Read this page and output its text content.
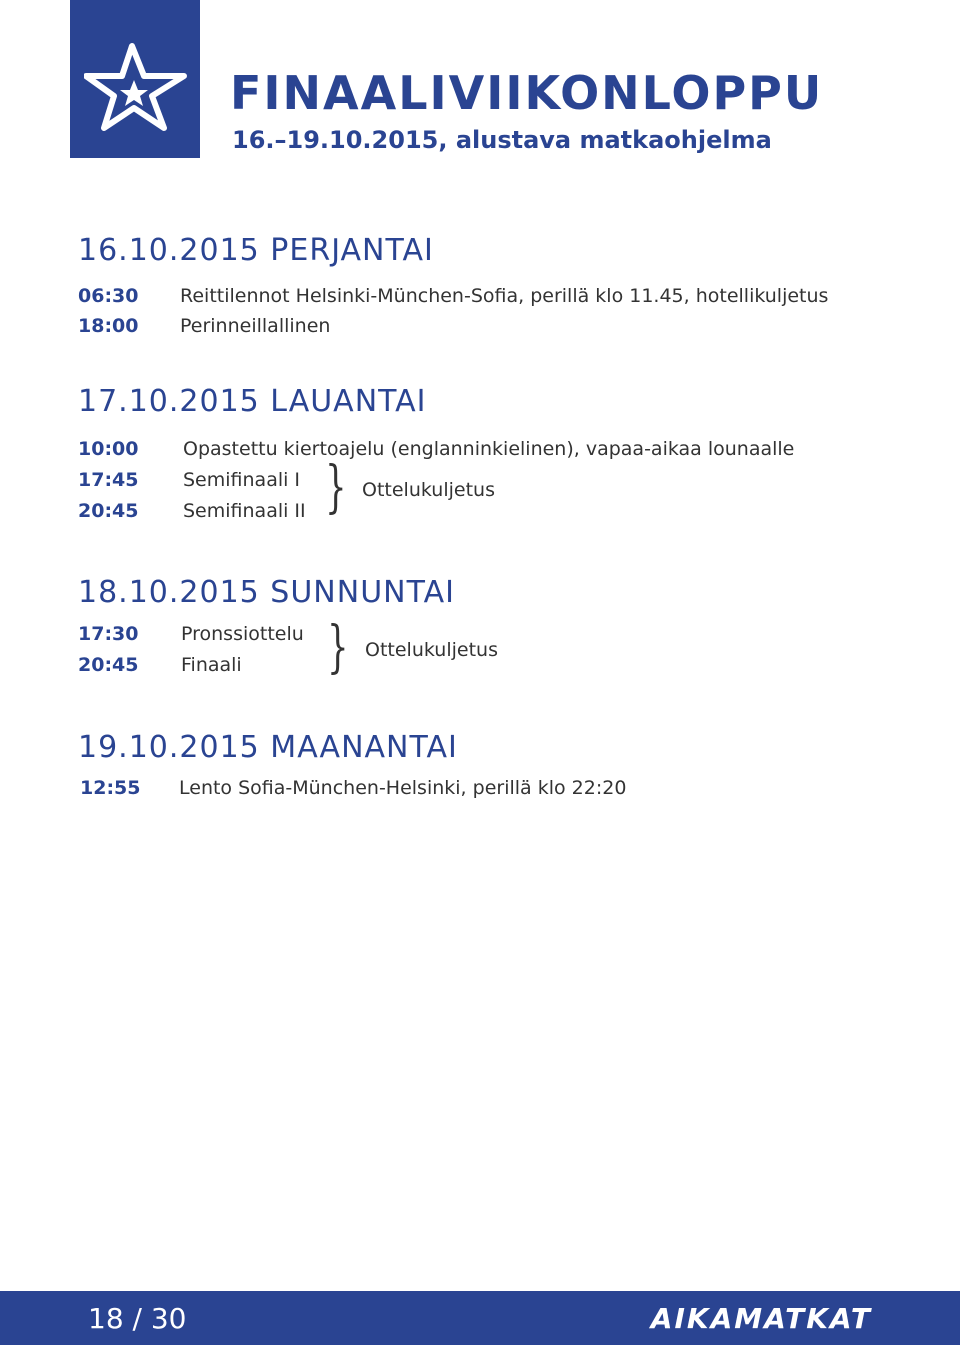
FINAALIVIIKONLOPPU
16.–19.10.2015, alustava matkaohjelma
16.10.2015 PERJANTAI
06:30 Reittilennot Helsinki-München-Sofia, perillä klo 11.45, hotellikuljetus
18:00 Perinneillallinen
17.10.2015 LAUANTAI
10:00 Opastettu kiertoajelu (englanninkielinen), vapaa-aikaa lounaalle
17:45 Semifinaali I
20:45 Semifinaali II } Ottelukuljetus
18.10.2015 SUNNUNTAI
17:30 Pronssiottelu
20:45 Finaali } Ottelukuljetus
19.10.2015 MAANANTAI
12:55 Lento Sofia-München-Helsinki, perillä klo 22:20
18 / 30	AIKAMATKAT
